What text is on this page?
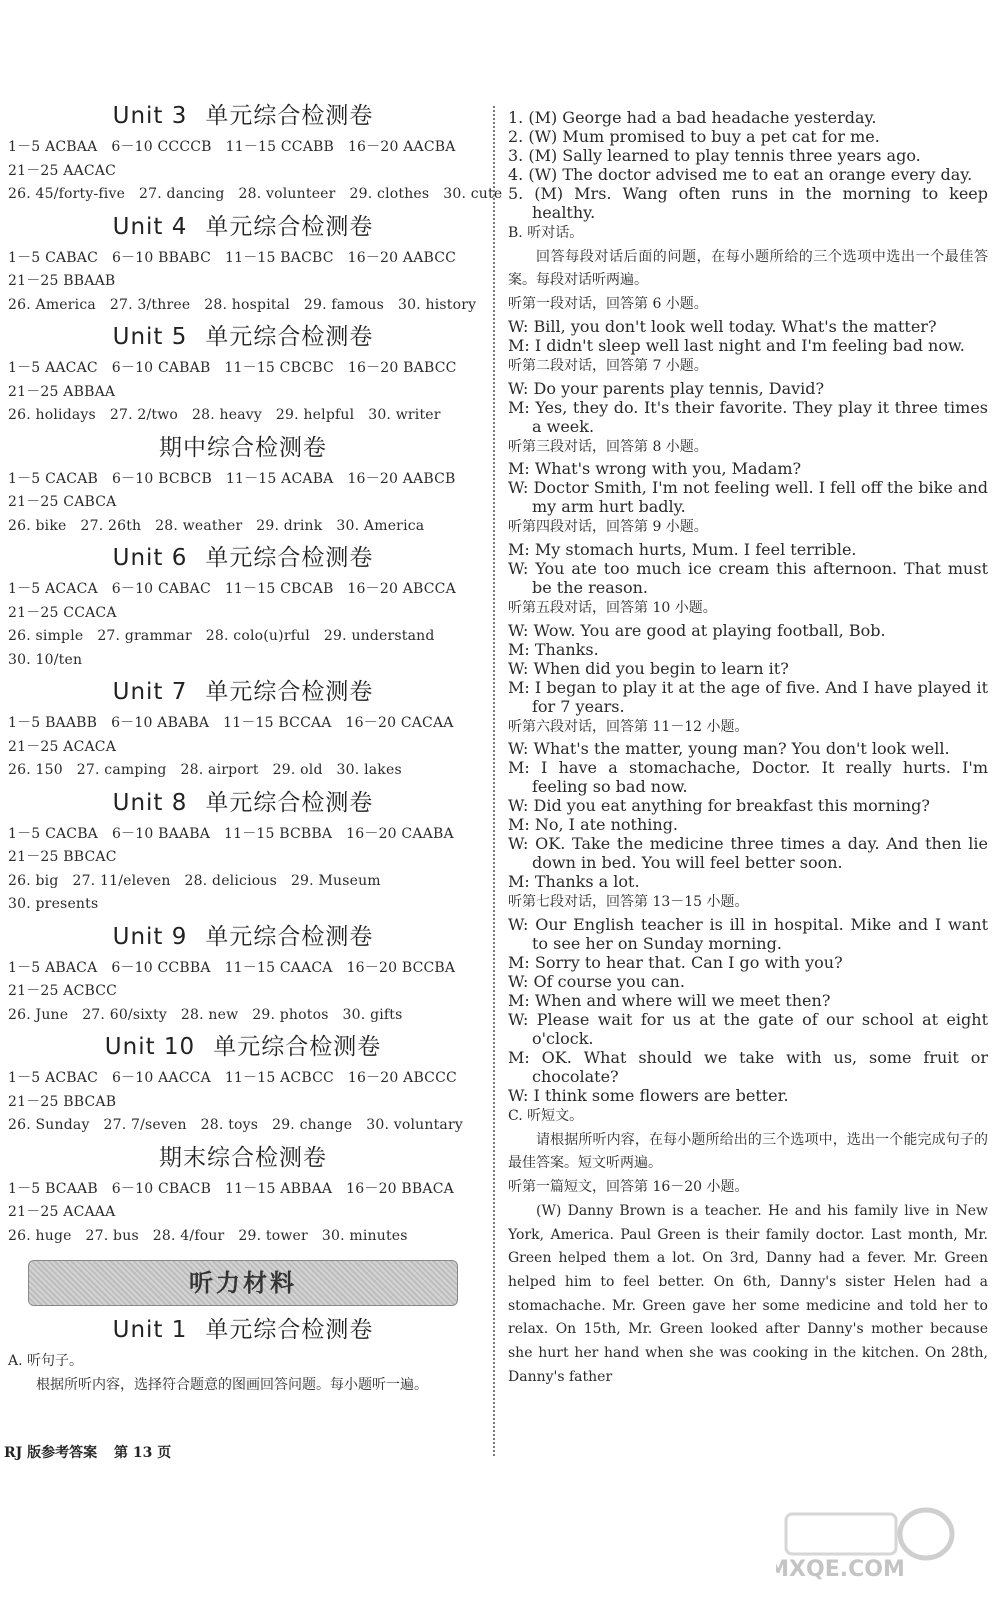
Unit 3 单元综合检测卷
1－5 ACBAA   6－10 CCCCB   11－15 CCABB   16－20 AACBA
21－25 AACAC
26. 45/forty-five   27. dancing   28. volunteer   29. clothes   30. cute
Unit 4 单元综合检测卷
1－5 CABAC   6－10 BBABC   11－15 BACBC   16－20 AABCC
21－25 BBAAB
26. America   27. 3/three   28. hospital   29. famous   30. history
Unit 5 单元综合检测卷
1－5 AACAC   6－10 CABAB   11－15 CBCBC   16－20 BABCC
21－25 ABBAA
26. holidays   27. 2/two   28. heavy   29. helpful   30. writer
期中综合检测卷
1－5 CACAB   6－10 BCBCB   11－15 ACABA   16－20 AABCB
21－25 CABCA
26. bike   27. 26th   28. weather   29. drink   30. America
Unit 6 单元综合检测卷
1－5 ACACA   6－10 CABAC   11－15 CBCAB   16－20 ABCCA
21－25 CCACA
26. simple   27. grammar   28. colo(u)rful   29. understand
30. 10/ten
Unit 7 单元综合检测卷
1－5 BAABB   6－10 ABABA   11－15 BCCAA   16－20 CACAA
21－25 ACACA
26. 150   27. camping   28. airport   29. old   30. lakes
Unit 8 单元综合检测卷
1－5 CACBA   6－10 BAABA   11－15 BCBBA   16－20 CAABA
21－25 BBCAC
26. big   27. 11/eleven   28. delicious   29. Museum
30. presents
Unit 9 单元综合检测卷
1－5 ABACA   6－10 CCBBA   11－15 CAACA   16－20 BCCBA
21－25 ACBCC
26. June   27. 60/sixty   28. new   29. photos   30. gifts
Unit 10 单元综合检测卷
1－5 ACBAC   6－10 AACCA   11－15 ACBCC   16－20 ABCCC
21－25 BBCAB
26. Sunday   27. 7/seven   28. toys   29. change   30. voluntary
期末综合检测卷
1－5 BCAAB   6－10 CBACB   11－15 ABBAA   16－20 BBACA
21－25 ACAAA
26. huge   27. bus   28. 4/four   29. tower   30. minutes
听力材料
Unit 1 单元综合检测卷
A. 听句子。
根据所听内容，选择符合题意的图画回答问题。每小题听一遍。
1. (M) George had a bad headache yesterday.
2. (W) Mum promised to buy a pet cat for me.
3. (M) Sally learned to play tennis three years ago.
4. (W) The doctor advised me to eat an orange every day.
5. (M) Mrs. Wang often runs in the morning to keep healthy.
B. 听对话。
回答每段对话后面的问题，在每小题所给的三个选项中选出一个最佳答案。每段对话听两遍。
听第一段对话，回答第 6 小题。
W: Bill, you don't look well today. What's the matter?
M: I didn't sleep well last night and I'm feeling bad now.
听第二段对话，回答第 7 小题。
W: Do your parents play tennis, David?
M: Yes, they do. It's their favorite. They play it three times a week.
听第三段对话，回答第 8 小题。
M: What's wrong with you, Madam?
W: Doctor Smith, I'm not feeling well. I fell off the bike and my arm hurt badly.
听第四段对话，回答第 9 小题。
M: My stomach hurts, Mum. I feel terrible.
W: You ate too much ice cream this afternoon. That must be the reason.
听第五段对话，回答第 10 小题。
W: Wow. You are good at playing football, Bob.
M: Thanks.
W: When did you begin to learn it?
M: I began to play it at the age of five. And I have played it for 7 years.
听第六段对话，回答第 11－12 小题。
W: What's the matter, young man? You don't look well.
M: I have a stomachache, Doctor. It really hurts. I'm feeling so bad now.
W: Did you eat anything for breakfast this morning?
M: No, I ate nothing.
W: OK. Take the medicine three times a day. And then lie down in bed. You will feel better soon.
M: Thanks a lot.
听第七段对话，回答第 13－15 小题。
W: Our English teacher is ill in hospital. Mike and I want to see her on Sunday morning.
M: Sorry to hear that. Can I go with you?
W: Of course you can.
M: When and where will we meet then?
W: Please wait for us at the gate of our school at eight o'clock.
M: OK. What should we take with us, some fruit or chocolate?
W: I think some flowers are better.
C. 听短文。
请根据所听内容，在每小题所给出的三个选项中，选出一个能完成句子的最佳答案。短文听两遍。
听第一篇短文，回答第 16－20 小题。
(W) Danny Brown is a teacher. He and his family live in New York, America. Paul Green is their family doctor. Last month, Mr. Green helped them a lot. On 3rd, Danny had a fever. Mr. Green helped him to feel better. On 6th, Danny's sister Helen had a stomachache. Mr. Green gave her some medicine and told her to relax. On 15th, Mr. Green looked after Danny's mother because she hurt her hand when she was cooking in the kitchen. On 28th, Danny's father
RJ 版参考答案 第 13 页
MXQE.COM
